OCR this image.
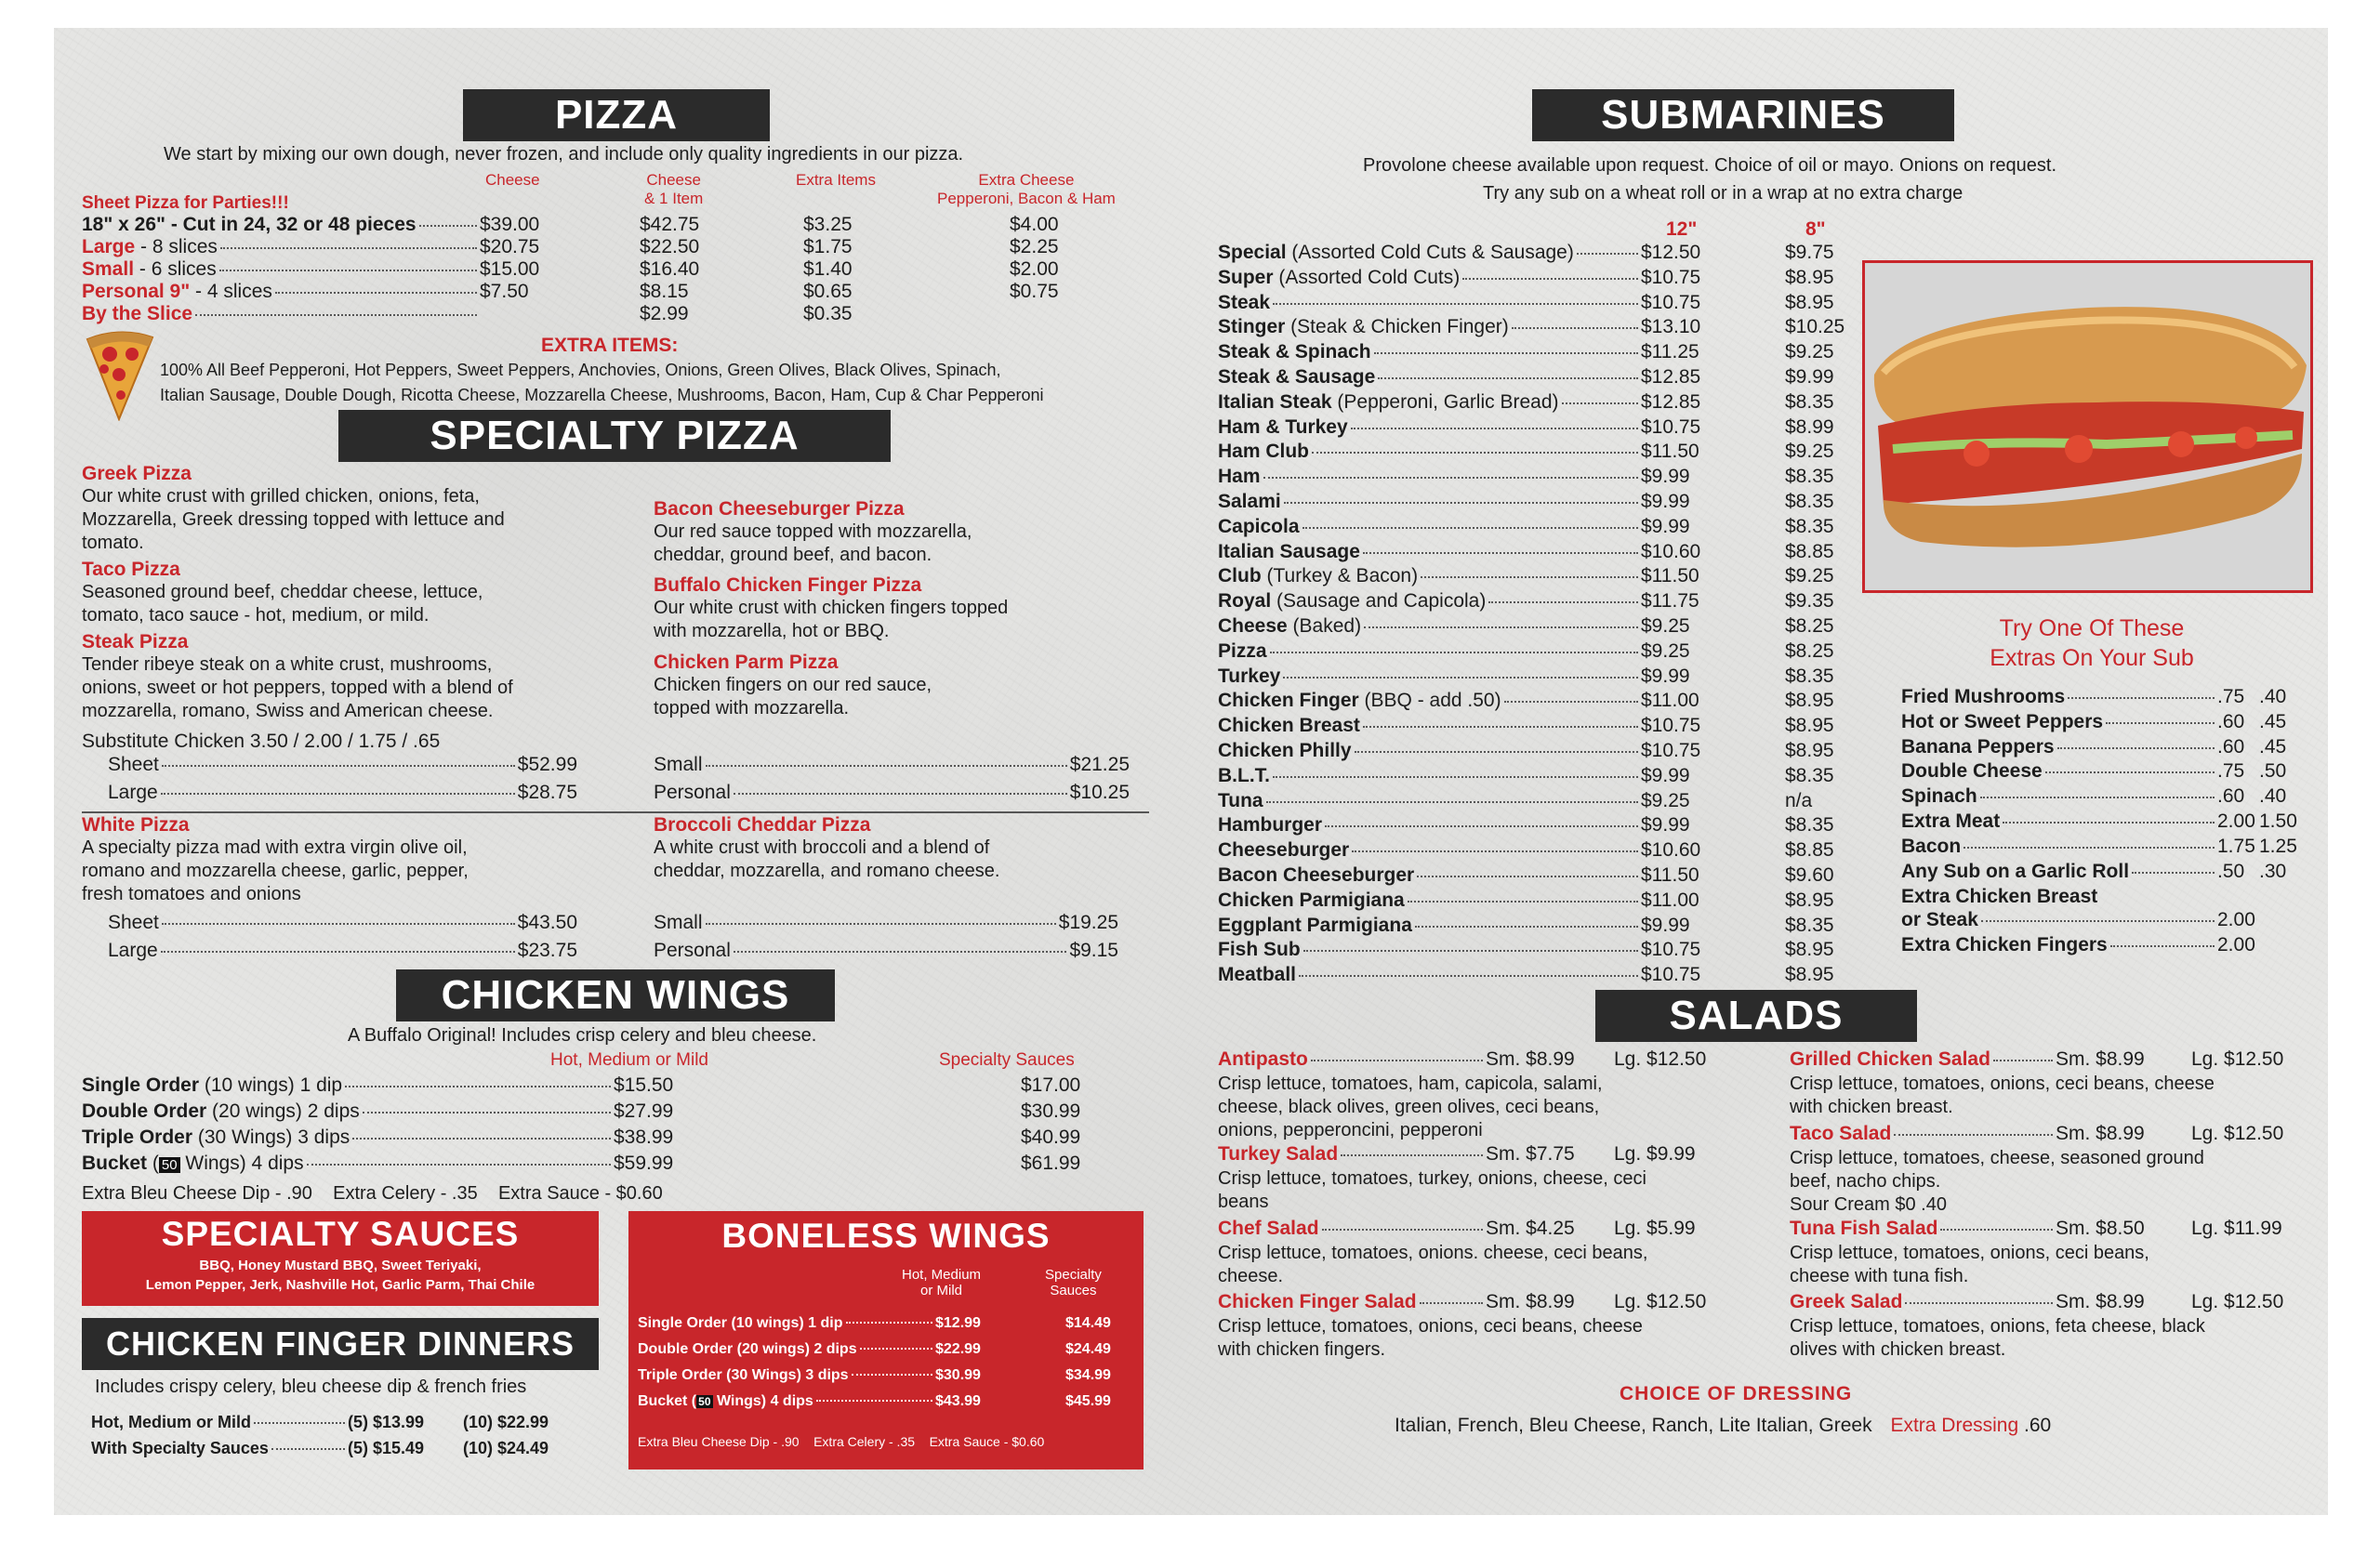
PIZZA
We start by mixing our own dough, never frozen, and include only quality ingredients in our pizza.
Cheese	Cheese
& 1 Item
Extra Items	Extra Cheese
Pepperoni, Bacon & Ham
Sheet Pizza for Parties!!!
18" x 26" - Cut in 24, 32 or 48 pieces	$39.00	$42.75	$3.25	$4.00
Large - 8 slices	$20.75	$22.50	$1.75	$2.25
Small - 6 slices	$15.00	$16.40	$1.40	$2.00
Personal 9" - 4 slices	$7.50	$8.15	$0.65	$0.75
By the Slice	$2.99	$0.35
EXTRA ITEMS:
100% All Beef Pepperoni, Hot Peppers, Sweet Peppers, Anchovies, Onions, Green Olives, Black Olives, Spinach,
Italian Sausage, Double Dough, Ricotta Cheese, Mozzarella Cheese, Mushrooms, Bacon, Ham, Cup & Char Pepperoni
SPECIALTY PIZZA
Greek Pizza
Our white crust with grilled chicken, onions, feta,
Mozzarella, Greek dressing topped with lettuce and
tomato.
Taco Pizza
Seasoned ground beef, cheddar cheese, lettuce,
tomato, taco sauce - hot, medium, or mild.
Steak Pizza
Tender ribeye steak on a white crust, mushrooms,
onions, sweet or hot peppers, topped with a blend of
mozzarella, romano, Swiss and American cheese.
Substitute Chicken 3.50 / 2.00 / 1.75 / .65
Bacon Cheeseburger Pizza
Our red sauce topped with mozzarella,
cheddar, ground beef, and bacon.
Buffalo Chicken Finger Pizza
Our white crust with chicken fingers topped
with mozzarella, hot or BBQ.
Chicken Parm Pizza
Chicken fingers on our red sauce,
topped with mozzarella.
Sheet	$52.99
Large	$28.75
Small	$21.25
Personal	$10.25
White Pizza
A specialty pizza mad with extra virgin olive oil,
romano and mozzarella cheese, garlic, pepper,
fresh tomatoes and onions
Broccoli Cheddar Pizza
A white crust with broccoli and a blend of
cheddar, mozzarella, and romano cheese.
Sheet	$43.50
Large	$23.75
Small	$19.25
Personal	$9.15
CHICKEN WINGS
A Buffalo Original! Includes crisp celery and bleu cheese.
Hot, Medium or Mild	Specialty Sauces
Single Order (10 wings) 1 dip	$15.50	$17.00
Double Order (20 wings) 2 dips	$27.99	$30.99
Triple Order (30 Wings) 3 dips	$38.99	$40.99
Bucket ( 50 Wings) 4 dips	$59.99	$61.99
Extra Bleu Cheese Dip - .90    Extra Celery - .35    Extra Sauce - $0.60
SPECIALTY SAUCES
BBQ, Honey Mustard BBQ, Sweet Teriyaki,
Lemon Pepper, Jerk, Nashville Hot, Garlic Parm, Thai Chile
CHICKEN FINGER DINNERS
Includes crispy celery, bleu cheese dip & french fries
Hot, Medium or Mild	(5) $13.99 (10) $22.99
With Specialty Sauces	(5) $15.49 (10) $24.49
BONELESS WINGS
Hot, Medium
or Mild
Specialty
Sauces
Single Order (10 wings) 1 dip	$12.99	$14.49
Double Order (20 wings) 2 dips	$22.99	$24.49
Triple Order (30 Wings) 3 dips	$30.99	$34.99
Bucket ( 50 Wings) 4 dips	$43.99	$45.99
Extra Bleu Cheese Dip - .90    Extra Celery - .35    Extra Sauce - $0.60
SUBMARINES
Provolone cheese available upon request. Choice of oil or mayo. Onions on request.
Try any sub on a wheat roll or in a wrap at no extra charge
12"	8"
Special (Assorted Cold Cuts & Sausage)	$12.50	$9.75
Super (Assorted Cold Cuts)	$10.75	$8.95
Steak	$10.75	$8.95
Stinger (Steak & Chicken Finger)	$13.10	$10.25
Steak & Spinach	$11.25	$9.25
Steak & Sausage	$12.85	$9.99
Italian Steak (Pepperoni, Garlic Bread)	$12.85	$8.35
Ham & Turkey	$10.75	$8.99
Ham Club	$11.50	$9.25
Ham	$9.99	$8.35
Salami	$9.99	$8.35
Capicola	$9.99	$8.35
Italian Sausage	$10.60	$8.85
Club (Turkey & Bacon)	$11.50	$9.25
Royal (Sausage and Capicola)	$11.75	$9.35
Cheese (Baked)	$9.25	$8.25
Pizza	$9.25	$8.25
Turkey	$9.99	$8.35
Chicken Finger (BBQ - add .50)	$11.00	$8.95
Chicken Breast	$10.75	$8.95
Chicken Philly	$10.75	$8.95
B.L.T.	$9.99	$8.35
Tuna	$9.25	n/a
Hamburger	$9.99	$8.35
Cheeseburger	$10.60	$8.85
Bacon Cheeseburger	$11.50	$9.60
Chicken Parmigiana	$11.00	$8.95
Eggplant Parmigiana	$9.99	$8.35
Fish Sub	$10.75	$8.95
Meatball	$10.75	$8.95
Try One Of These
Extras On Your Sub
Fried Mushrooms	.75 .40
Hot or Sweet Peppers	.60 .45
Banana Peppers	.60 .45
Double Cheese	.75 .50
Spinach	.60 .40
Extra Meat	2.00 1.50
Bacon	1.75 1.25
Any Sub on a Garlic Roll	.50 .30
Extra Chicken Breast
or Steak	2.00
Extra Chicken Fingers	2.00
SALADS
Antipasto	Sm. $8.99 Lg. $12.50
Crisp lettuce, tomatoes, ham, capicola, salami,
cheese, black olives, green olives, ceci beans,
onions, pepperoncini, pepperoni
Turkey Salad	Sm. $7.75 Lg. $9.99
Crisp lettuce, tomatoes, turkey, onions, cheese, ceci
beans
Chef Salad	Sm. $4.25 Lg. $5.99
Crisp lettuce, tomatoes, onions. cheese, ceci beans,
cheese.
Chicken Finger Salad	Sm. $8.99 Lg. $12.50
Crisp lettuce, tomatoes, onions, ceci beans, cheese
with chicken fingers.
Grilled Chicken Salad	Sm. $8.99 Lg. $12.50
Crisp lettuce, tomatoes, onions, ceci beans, cheese
with chicken breast.
Taco Salad	Sm. $8.99 Lg. $12.50
Crisp lettuce, tomatoes, cheese, seasoned ground
beef, nacho chips.
Sour Cream $0 .40
Tuna Fish Salad	Sm. $8.50 Lg. $11.99
Crisp lettuce, tomatoes, onions, ceci beans,
cheese with tuna fish.
Greek Salad	Sm. $8.99 Lg. $12.50
Crisp lettuce, tomatoes, onions, feta cheese, black
olives with chicken breast.
CHOICE OF DRESSING
Italian, French, Bleu Cheese, Ranch, Lite Italian, Greek Extra Dressing .60
